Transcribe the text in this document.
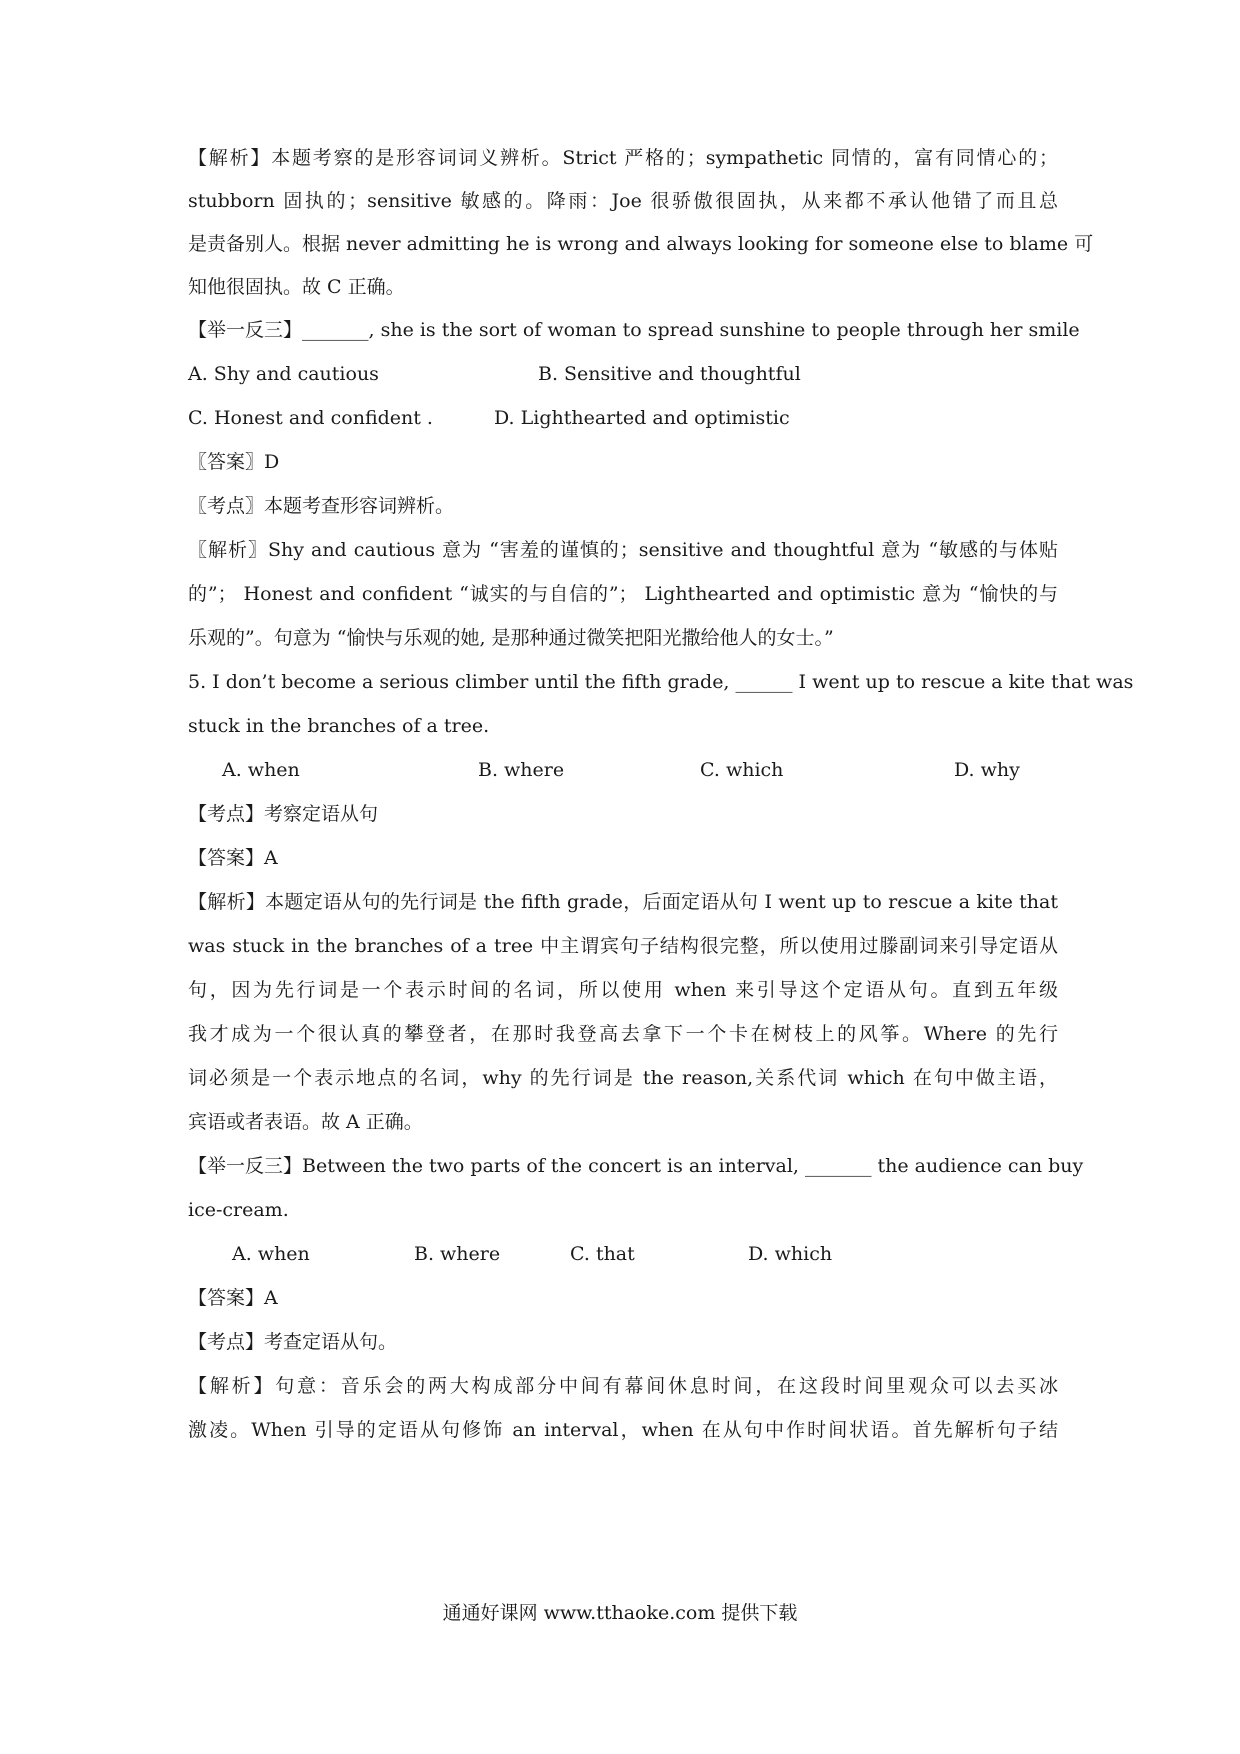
【解析】本题考察的是形容词词义辨析。Strict 严格的；sympathetic 同情的，富有同情心的；
stubborn 固执的；sensitive 敏感的。降雨：Joe 很骄傲很固执，从来都不承认他错了而且总
是责备别人。根据 never admitting he is wrong and always looking for someone else to blame 可
知他很固执。故 C 正确。
【举一反三】_______, she is the sort of woman to spread sunshine to people through her smile
A. Shy and cautious	B. Sensitive and thoughtful
C. Honest and confident .	D. Lighthearted and optimistic
〖答案〗D
〖考点〗本题考查形容词辨析。
〖解析〗Shy and cautious 意为 “害羞的谨慎的；sensitive and thoughtful 意为 “敏感的与体贴
的”； Honest and confident “诚实的与自信的”； Lighthearted and optimistic 意为 “愉快的与
乐观的”。句意为 “愉快与乐观的她, 是那种通过微笑把阳光撒给他人的女士。”
5. I don’t become a serious climber until the fifth grade, ______ I went up to rescue a kite that was
stuck in the branches of a tree.
A. when	B. where	C. which	D. why
【考点】考察定语从句
【答案】A
【解析】本题定语从句的先行词是 the fifth grade，后面定语从句 I went up to rescue a kite that
was stuck in the branches of a tree 中主谓宾句子结构很完整，所以使用过滕副词来引导定语从
句，因为先行词是一个表示时间的名词，所以使用 when 来引导这个定语从句。直到五年级
我才成为一个很认真的攀登者，在那时我登高去拿下一个卡在树枝上的风筝。Where 的先行
词必须是一个表示地点的名词，why 的先行词是 the reason,关系代词 which 在句中做主语，
宾语或者表语。故 A 正确。
【举一反三】Between the two parts of the concert is an interval, _______ the audience can buy
ice-cream.
A. when	B. where	C. that	D. which
【答案】A
【考点】考查定语从句。
【解析】句意：音乐会的两大构成部分中间有幕间休息时间，在这段时间里观众可以去买冰
激凌。When 引导的定语从句修饰 an interval，when 在从句中作时间状语。首先解析句子结
通通好课网 www.tthaoke.com 提供下载
